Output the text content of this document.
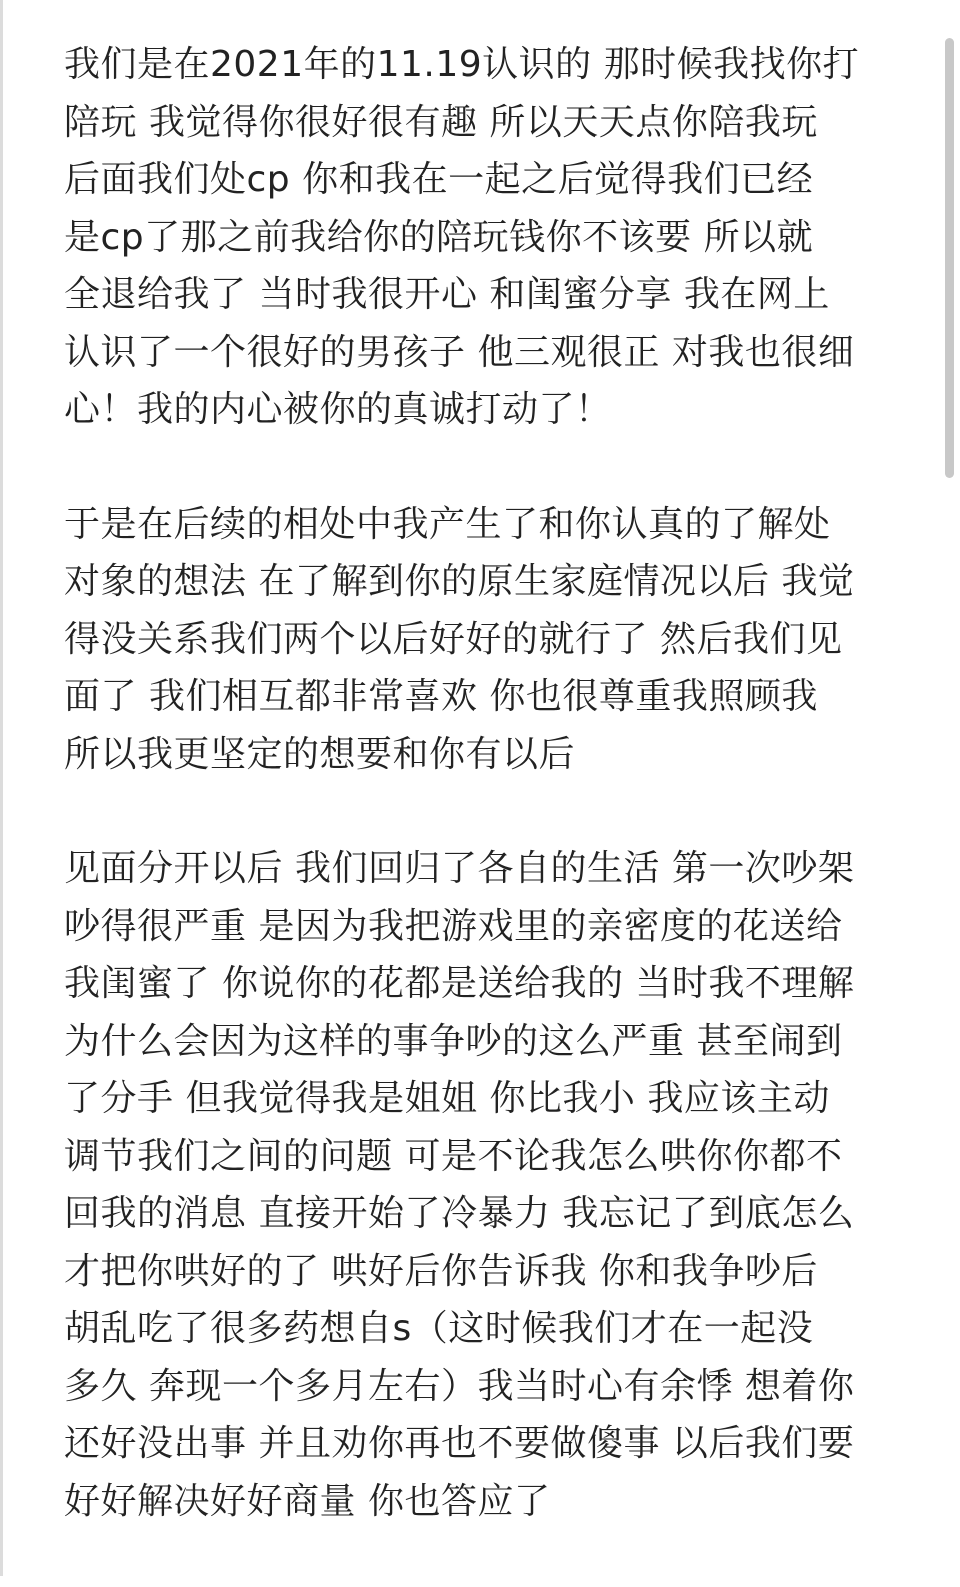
我们是在2021年的11.19认识的 那时候我找你打
陪玩 我觉得你很好很有趣 所以天天点你陪我玩
后面我们处cp 你和我在一起之后觉得我们已经
是cp了那之前我给你的陪玩钱你不该要 所以就
全退给我了 当时我很开心 和闺蜜分享 我在网上
认识了一个很好的男孩子 他三观很正 对我也很细
心！我的内心被你的真诚打动了！
于是在后续的相处中我产生了和你认真的了解处
对象的想法 在了解到你的原生家庭情况以后 我觉
得没关系我们两个以后好好的就行了 然后我们见
面了 我们相互都非常喜欢 你也很尊重我照顾我
所以我更坚定的想要和你有以后
见面分开以后 我们回归了各自的生活 第一次吵架
吵得很严重 是因为我把游戏里的亲密度的花送给
我闺蜜了 你说你的花都是送给我的 当时我不理解
为什么会因为这样的事争吵的这么严重 甚至闹到
了分手 但我觉得我是姐姐 你比我小 我应该主动
调节我们之间的问题 可是不论我怎么哄你你都不
回我的消息 直接开始了冷暴力 我忘记了到底怎么
才把你哄好的了 哄好后你告诉我 你和我争吵后
胡乱吃了很多药想自s（这时候我们才在一起没
多久 奔现一个多月左右）我当时心有余悸 想着你
还好没出事 并且劝你再也不要做傻事 以后我们要
好好解决好好商量 你也答应了
